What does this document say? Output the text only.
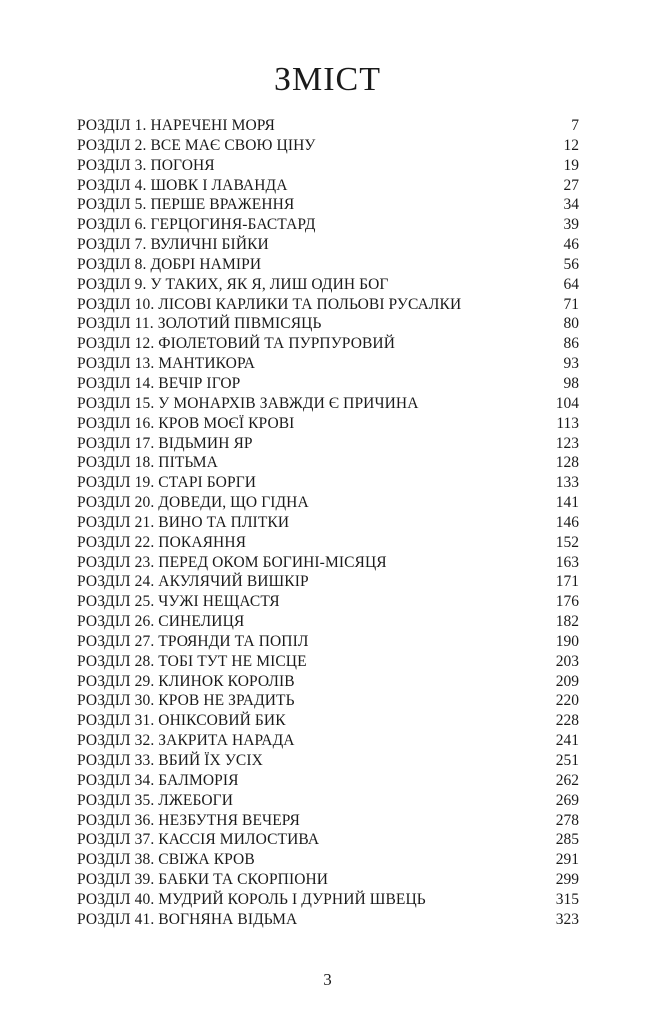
ЗМІСТ
РОЗДІЛ 1. НАРЕЧЕНІ МОРЯ	7
РОЗДІЛ 2. ВСЕ МАЄ СВОЮ ЦІНУ	12
РОЗДІЛ 3. ПОГОНЯ	19
РОЗДІЛ 4. ШОВК І ЛАВАНДА	27
РОЗДІЛ 5. ПЕРШЕ ВРАЖЕННЯ	34
РОЗДІЛ 6. ГЕРЦОГИНЯ-БАСТАРД	39
РОЗДІЛ 7. ВУЛИЧНІ БІЙКИ	46
РОЗДІЛ 8. ДОБРІ НАМІРИ	56
РОЗДІЛ 9. У ТАКИХ, ЯК Я, ЛИШ ОДИН БОГ	64
РОЗДІЛ 10. ЛІСОВІ КАРЛИКИ ТА ПОЛЬОВІ РУСАЛКИ	71
РОЗДІЛ 11. ЗОЛОТИЙ ПІВМІСЯЦЬ	80
РОЗДІЛ 12. ФІОЛЕТОВИЙ ТА ПУРПУРОВИЙ	86
РОЗДІЛ 13. МАНТИКОРА	93
РОЗДІЛ 14. ВЕЧІР ІГОР	98
РОЗДІЛ 15. У МОНАРХІВ ЗАВЖДИ Є ПРИЧИНА	104
РОЗДІЛ 16. КРОВ МОЄЇ КРОВІ	113
РОЗДІЛ 17. ВІДЬМИН ЯР	123
РОЗДІЛ 18. ПІТЬМА	128
РОЗДІЛ 19. СТАРІ БОРГИ	133
РОЗДІЛ 20. ДОВЕДИ, ЩО ГІДНА	141
РОЗДІЛ 21. ВИНО ТА ПЛІТКИ	146
РОЗДІЛ 22. ПОКАЯННЯ	152
РОЗДІЛ 23. ПЕРЕД ОКОМ БОГИНІ-МІСЯЦЯ	163
РОЗДІЛ 24. АКУЛЯЧИЙ ВИШКІР	171
РОЗДІЛ 25. ЧУЖІ НЕЩАСТЯ	176
РОЗДІЛ 26. СИНЕЛИЦЯ	182
РОЗДІЛ 27. ТРОЯНДИ ТА ПОПІЛ	190
РОЗДІЛ 28. ТОБІ ТУТ НЕ МІСЦЕ	203
РОЗДІЛ 29. КЛИНОК КОРОЛІВ	209
РОЗДІЛ 30. КРОВ НЕ ЗРАДИТЬ	220
РОЗДІЛ 31. ОНІКСОВИЙ БИК	228
РОЗДІЛ 32. ЗАКРИТА НАРАДА	241
РОЗДІЛ 33. ВБИЙ ЇХ УСІХ	251
РОЗДІЛ 34. БАЛМОРІЯ	262
РОЗДІЛ 35. ЛЖЕБОГИ	269
РОЗДІЛ 36. НЕЗБУТНЯ ВЕЧЕРЯ	278
РОЗДІЛ 37. КАССІЯ МИЛОСТИВА	285
РОЗДІЛ 38. СВІЖА КРОВ	291
РОЗДІЛ 39. БАБКИ ТА СКОРПІОНИ	299
РОЗДІЛ 40. МУДРИЙ КОРОЛЬ І ДУРНИЙ ШВЕЦЬ	315
РОЗДІЛ 41. ВОГНЯНА ВІДЬМА	323
3
